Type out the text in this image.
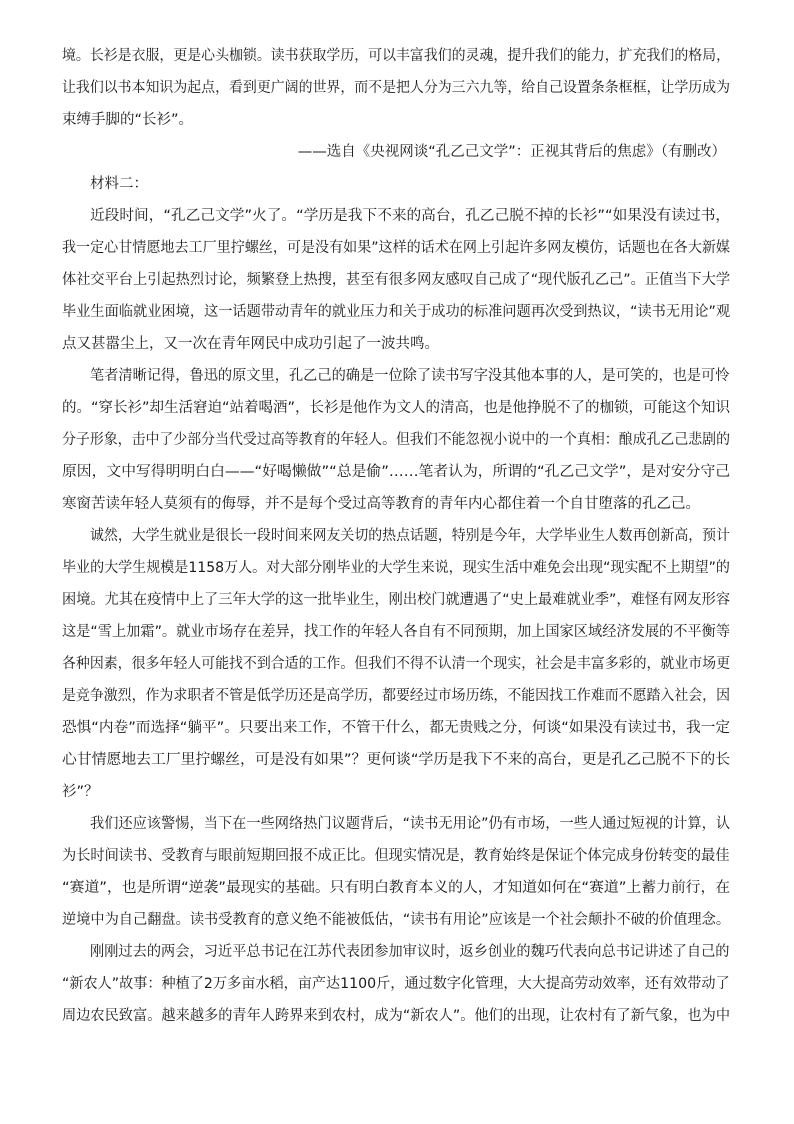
境。长衫是衣服，更是心头枷锁。读书获取学历，可以丰富我们的灵魂，提升我们的能力，扩充我们的格局，
让我们以书本知识为起点，看到更广阔的世界，而不是把人分为三六九等，给自己设置条条框框，让学历成为
束缚手脚的“长衫”。
——选自《央视网谈“孔乙己文学”：正视其背后的焦虑》（有删改）
材料二：
近段时间，“孔乙己文学”火了。“学历是我下不来的高台，孔乙己脱不掉的长衫”“如果没有读过书，
我一定心甘情愿地去工厂里拧螺丝，可是没有如果”这样的话术在网上引起许多网友模仿，话题也在各大新媒
体社交平台上引起热烈讨论，频繁登上热搜，甚至有很多网友感叹自己成了“现代版孔乙己”。正值当下大学
毕业生面临就业困境，这一话题带动青年的就业压力和关于成功的标准问题再次受到热议，“读书无用论”观
点又甚嚣尘上，又一次在青年网民中成功引起了一波共鸣。
笔者清晰记得，鲁迅的原文里，孔乙己的确是一位除了读书写字没其他本事的人，是可笑的，也是可怜
的。“穿长衫”却生活窘迫“站着喝酒”，长衫是他作为文人的清高，也是他挣脱不了的枷锁，可能这个知识
分子形象，击中了少部分当代受过高等教育的年轻人。但我们不能忽视小说中的一个真相：酿成孔乙己悲剧的
原因，文中写得明明白白——“好喝懒做”“总是偷”……笔者认为，所谓的“孔乙己文学”，是对安分守己
寒窗苦读年轻人莫须有的侮辱，并不是每个受过高等教育的青年内心都住着一个自甘堕落的孔乙己。
诚然，大学生就业是很长一段时间来网友关切的热点话题，特别是今年，大学毕业生人数再创新高，预计
毕业的大学生规模是1158万人。对大部分刚毕业的大学生来说，现实生活中难免会出现“现实配不上期望”的
困境。尤其在疫情中上了三年大学的这一批毕业生，刚出校门就遭遇了“史上最难就业季”，难怪有网友形容
这是“雪上加霜”。就业市场存在差异，找工作的年轻人各自有不同预期，加上国家区域经济发展的不平衡等
各种因素，很多年轻人可能找不到合适的工作。但我们不得不认清一个现实，社会是丰富多彩的，就业市场更
是竞争激烈，作为求职者不管是低学历还是高学历，都要经过市场历练，不能因找工作难而不愿踏入社会，因
恐惧“内卷”而选择“躺平”。只要出来工作，不管干什么，都无贵贱之分，何谈“如果没有读过书，我一定
心甘情愿地去工厂里拧螺丝，可是没有如果”？更何谈“学历是我下不来的高台，更是孔乙己脱不下的长
衫”？
我们还应该警惕，当下在一些网络热门议题背后，“读书无用论”仍有市场，一些人通过短视的计算，认
为长时间读书、受教育与眼前短期回报不成正比。但现实情况是，教育始终是保证个体完成身份转变的最佳
“赛道”，也是所谓“逆袭”最现实的基础。只有明白教育本义的人，才知道如何在“赛道”上蓄力前行，在
逆境中为自己翻盘。读书受教育的意义绝不能被低估，“读书有用论”应该是一个社会颠扑不破的价值理念。
刚刚过去的两会，习近平总书记在江苏代表团参加审议时，返乡创业的魏巧代表向总书记讲述了自己的
“新农人”故事：种植了2万多亩水稻，亩产达1100斤，通过数字化管理，大大提高劳动效率，还有效带动了
周边农民致富。越来越多的青年人跨界来到农村，成为“新农人”。他们的出现，让农村有了新气象，也为中
